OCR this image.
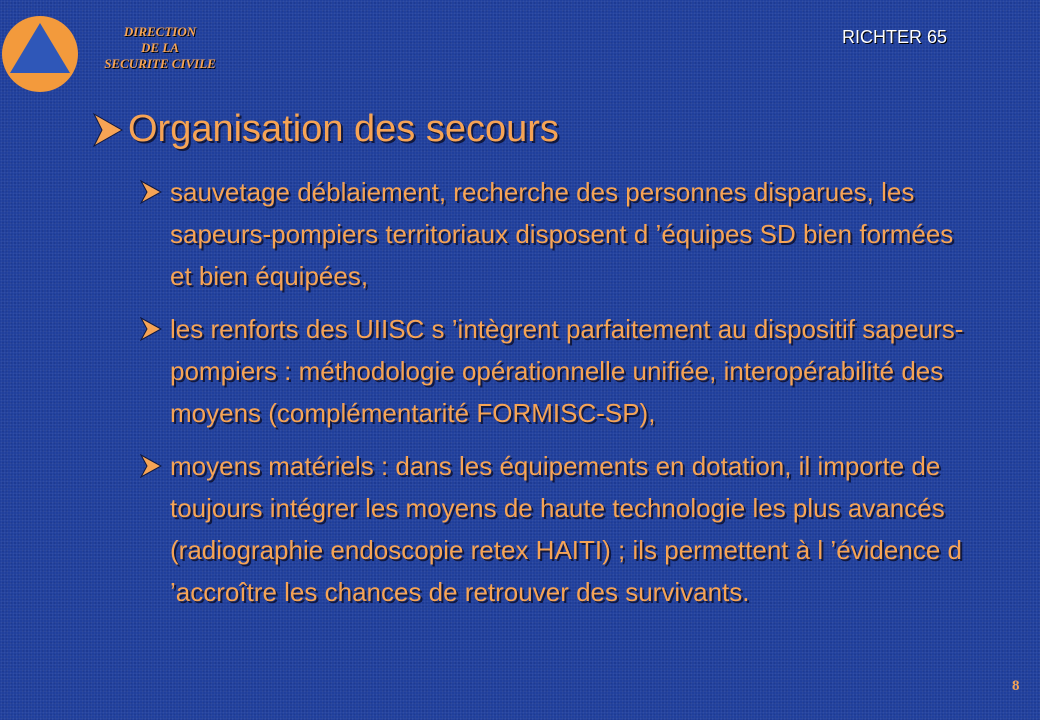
DIRECTION
DE LA
SECURITE CIVILE
RICHTER 65
Organisation des secours
sauvetage déblaiement, recherche des personnes disparues, les sapeurs-pompiers territoriaux disposent d ’équipes SD bien formées et bien équipées,
les renforts des UIISC s ’intègrent parfaitement au dispositif sapeurs-pompiers : méthodologie opérationnelle unifiée, interopérabilité des moyens (complémentarité FORMISC-SP),
moyens matériels : dans les équipements en dotation, il importe de toujours intégrer les moyens de haute technologie les plus avancés (radiographie endoscopie retex HAITI) ; ils permettent à l ’évidence d ’accroître les chances de retrouver des survivants.
8
